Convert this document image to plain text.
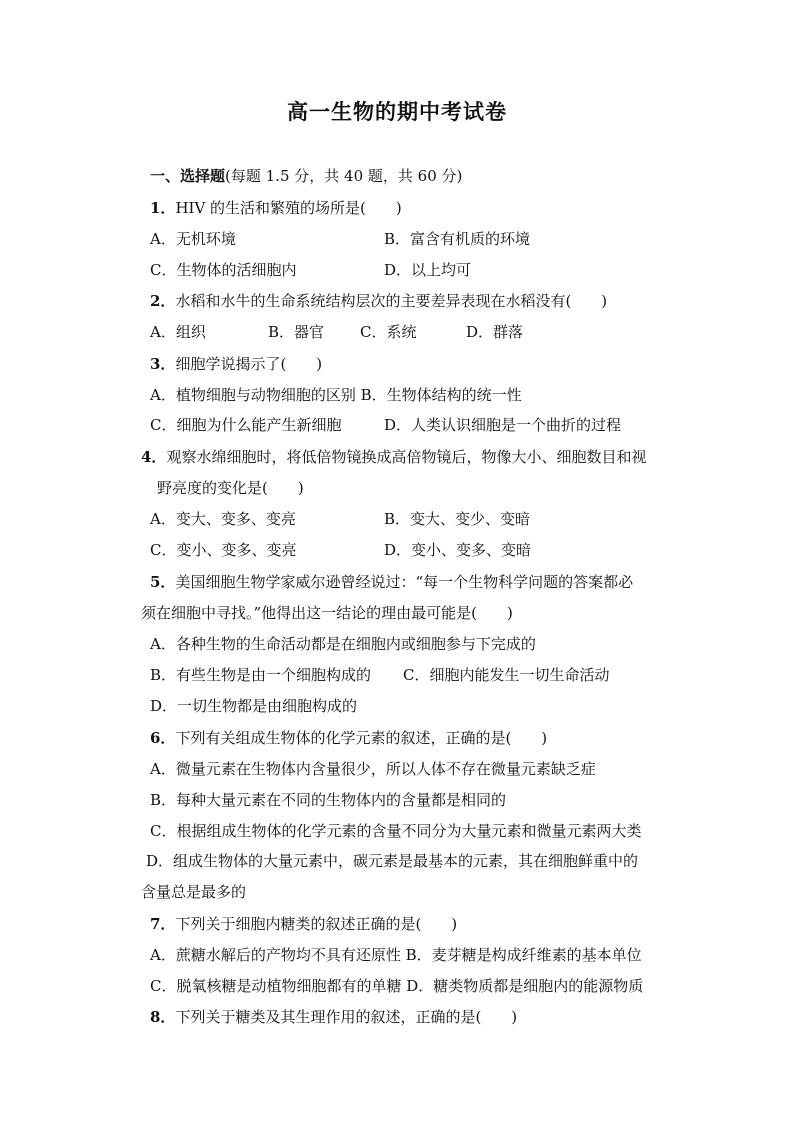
高一生物的期中考试卷
一、选择题(每题 1.5 分，共 40 题，共 60 分)
1．HIV 的生活和繁殖的场所是(　　)
A．无机环境	B．富含有机质的环境
C．生物体的活细胞内	D．以上均可
2．水稻和水牛的生命系统结构层次的主要差异表现在水稻没有(　　)
A．组织	B．器官 C．系统	D．群落
3．细胞学说揭示了(　　)
A．植物细胞与动物细胞的区别 B．生物体结构的统一性
C．细胞为什么能产生新细胞	D．人类认识细胞是一个曲折的过程
4．观察水绵细胞时，将低倍物镜换成高倍物镜后，物像大小、细胞数目和视
野亮度的变化是(　　)
A．变大、变多、变亮	B．变大、变少、变暗
C．变小、变多、变亮	D．变小、变多、变暗
5．美国细胞生物学家威尔逊曾经说过：“每一个生物科学问题的答案都必
须在细胞中寻找。”他得出这一结论的理由最可能是(　　)
A．各种生物的生命活动都是在细胞内或细胞参与下完成的
B．有些生物是由一个细胞构成的 C．细胞内能发生一切生命活动
D．一切生物都是由细胞构成的
6．下列有关组成生物体的化学元素的叙述，正确的是(　　)
A．微量元素在生物体内含量很少，所以人体不存在微量元素缺乏症
B．每种大量元素在不同的生物体内的含量都是相同的
C．根据组成生物体的化学元素的含量不同分为大量元素和微量元素两大类
D．组成生物体的大量元素中，碳元素是最基本的元素，其在细胞鲜重中的
含量总是最多的
7．下列关于细胞内糖类的叙述正确的是(　　)
A．蔗糖水解后的产物均不具有还原性 B．麦芽糖是构成纤维素的基本单位
C．脱氧核糖是动植物细胞都有的单糖 D．糖类物质都是细胞内的能源物质
8．下列关于糖类及其生理作用的叙述，正确的是(　　)
